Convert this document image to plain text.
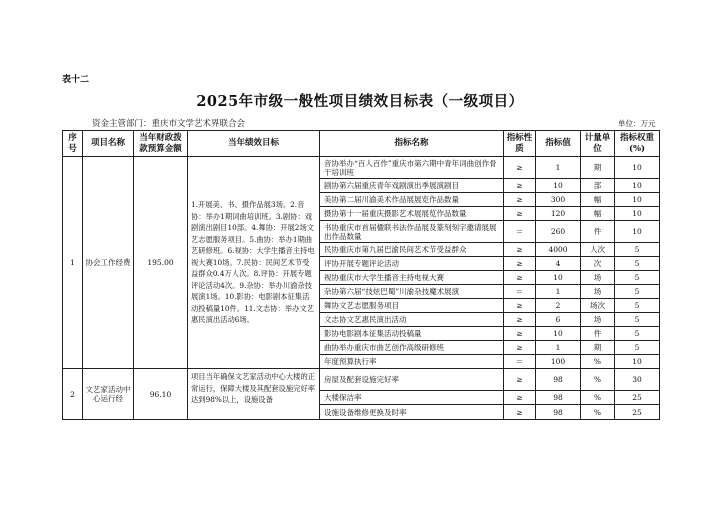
表十二
2025年市级一般性项目绩效目标表（一级项目）
资金主管部门：重庆市文学艺术界联合会	单位：万元
序号	项目名称	当年财政拨款预算金额	当年绩效目标	指标名称	指标性质	指标值	计量单位	指标权重(%)
1	协会工作经费	195.00	1.开展美、书、摄作品展3场。2.音协：举办1期词曲培训班。3.剧协：戏剧演出剧目10部。4.舞协：开展2场文艺志愿服务项目。5.曲协：举办1期曲艺研修班。6.视协：大学生播音主持电视大赛10场。7.民协：民间艺术节受益群众0.4万人次。8.评协：开展专题评论活动4次。9.杂协：举办川渝杂技展演1场。10.影协：电影剧本征集活动投稿量10件。11.文志协：举办文艺惠民演出活动6场。	音协举办“百人百作”重庆市第六期中青年词曲创作骨干培训班	≥	1	期	10
				剧协第六届重庆青年戏剧演出季展演剧目	≥	10	部	10
				美协第二届川渝美术作品展展览作品数量	≥	300	幅	10
				摄协第十一届重庆摄影艺术展展览作品数量	≥	120	幅	10
				书协重庆市首届楹联书法作品展及篆刻刻字邀请展展出作品数量	＝	260	件	10
				民协重庆市第九届巴渝民间艺术节受益群众	≥	4000	人次	5
				评协开展专题评论活动	≥	4	次	5
				视协重庆市大学生播音主持电视大赛	≥	10	场	5
				杂协第六届“技炫巴蜀”川渝杂技魔术展演	＝	1	场	5
				舞协文艺志愿服务项目	≥	2	场次	5
				文志协文艺惠民演出活动	≥	6	场	5
				影协电影剧本征集活动投稿量	≥	10	件	5
				曲协举办重庆市曲艺创作高级研修班	≥	1	期	5
				年度预算执行率	＝	100	%	10
2	文艺家活动中心运行经	96.10	项目当年确保文艺家活动中心大楼的正常运行，保障大楼及其配套设施完好率达到98%以上，设施设备	房屋及配套设施完好率	≥	98	%	30
				大楼保洁率	≥	98	%	25
				设施设备维修更换及时率	≥	98	%	25
